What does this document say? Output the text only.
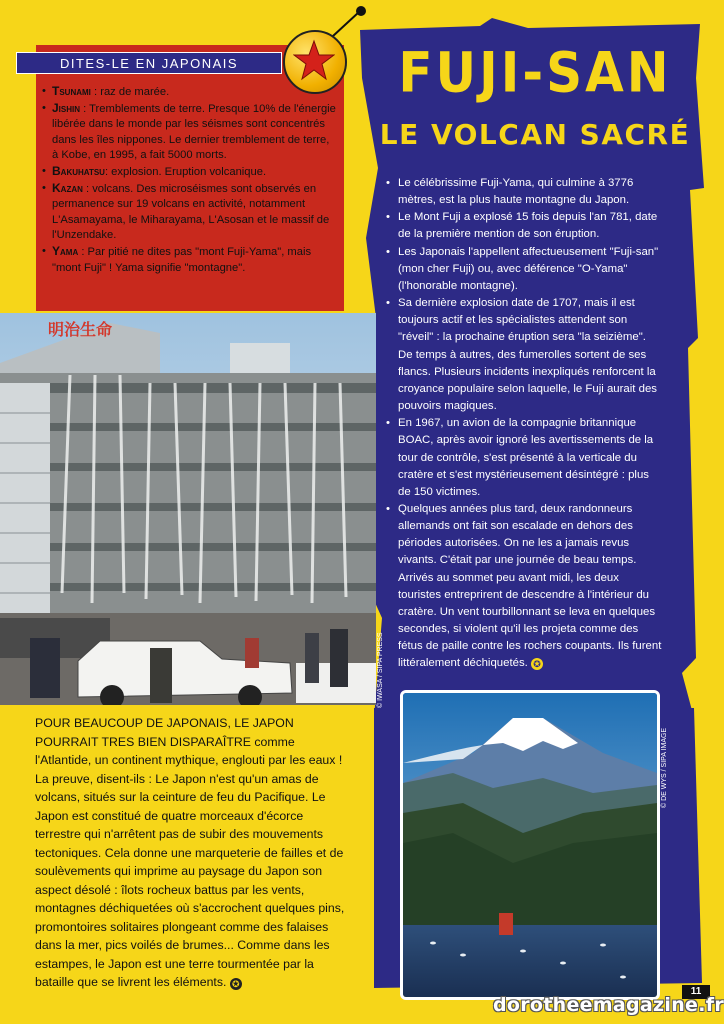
DITES-LE EN JAPONAIS
• Tsunami : raz de marée.
• Jishin : Tremblements de terre. Presque 10% de l'énergie libérée dans le monde par les séismes sont concentrés dans les îles nippones. Le dernier tremblement de terre, à Kobe, en 1995, a fait 5000 morts.
• Bakuhatsu: explosion. Eruption volcanique.
• Kazan : volcans. Des microséismes sont observés en permanence sur 19 volcans en activité, notamment L'Asamayama, le Miharayama, L'Asosan et le massif de l'Unzendake.
• Yama : Par pitié ne dites pas "mont Fuji-Yama", mais "mont Fuji" ! Yama signifie "montagne".
FUJI-SAN
LE VOLCAN SACRÉ
• Le célébrissime Fuji-Yama, qui culmine à 3776 mètres, est la plus haute montagne du Japon.
• Le Mont Fuji a explosé 15 fois depuis l'an 781, date de la première mention de son éruption.
• Les Japonais l'appellent affectueusement "Fuji-san" (mon cher Fuji) ou, avec déférence "O-Yama" (l'honorable montagne).
• Sa dernière explosion date de 1707, mais il est toujours actif et les spécialistes attendent son "réveil" : la prochaine éruption sera "la seizième". De temps à autres, des fumerolles sortent de ses flancs. Plusieurs incidents inexpliqués renforcent la croyance populaire selon laquelle, le Fuji aurait des pouvoirs magiques.
• En 1967, un avion de la compagnie britannique BOAC, après avoir ignoré les avertissements de la tour de contrôle, s'est présenté à la verticale du cratère et s'est mystérieusement désintégré : plus de 150 victimes.
• Quelques années plus tard, deux randonneurs allemands ont fait son escalade en dehors des périodes autorisées. On ne les a jamais revus vivants. C'était par une journée de beau temps. Arrivés au sommet peu avant midi, les deux touristes entreprirent de descendre à l'intérieur du cratère. Un vent tourbillonnant se leva en quelques secondes, si violent qu'il les projeta comme des fétus de paille contre les rochers coupants. Ils furent littéralement déchiquetés. ✪
明治生命
© IWASA / SIPA PRESS
© DE WYS / SIPA IMAGE

POUR BEAUCOUP DE JAPONAIS, LE JAPON POURRAIT TRES BIEN DISPARAÎTRE comme l'Atlantide, un continent mythique, englouti par les eaux ! La preuve, disent-ils : Le Japon n'est qu'un amas de volcans, situés sur la ceinture de feu du Pacifique. Le Japon est constitué de quatre morceaux d'écorce terrestre qui n'arrêtent pas de subir des mouvements tectoniques. Cela donne une marqueterie de failles et de soulèvements qui imprime au paysage du Japon son aspect désolé : îlots rocheux battus par les vents, montagnes déchiquetées où s'accrochent quelques pins, promontoires solitaires plongeant comme des falaises dans la mer, pics voilés de brumes... Comme dans les estampes, le Japon est une terre tourmentée par la bataille que se livrent les éléments. ✪

11
dorotheemagazine.fr
